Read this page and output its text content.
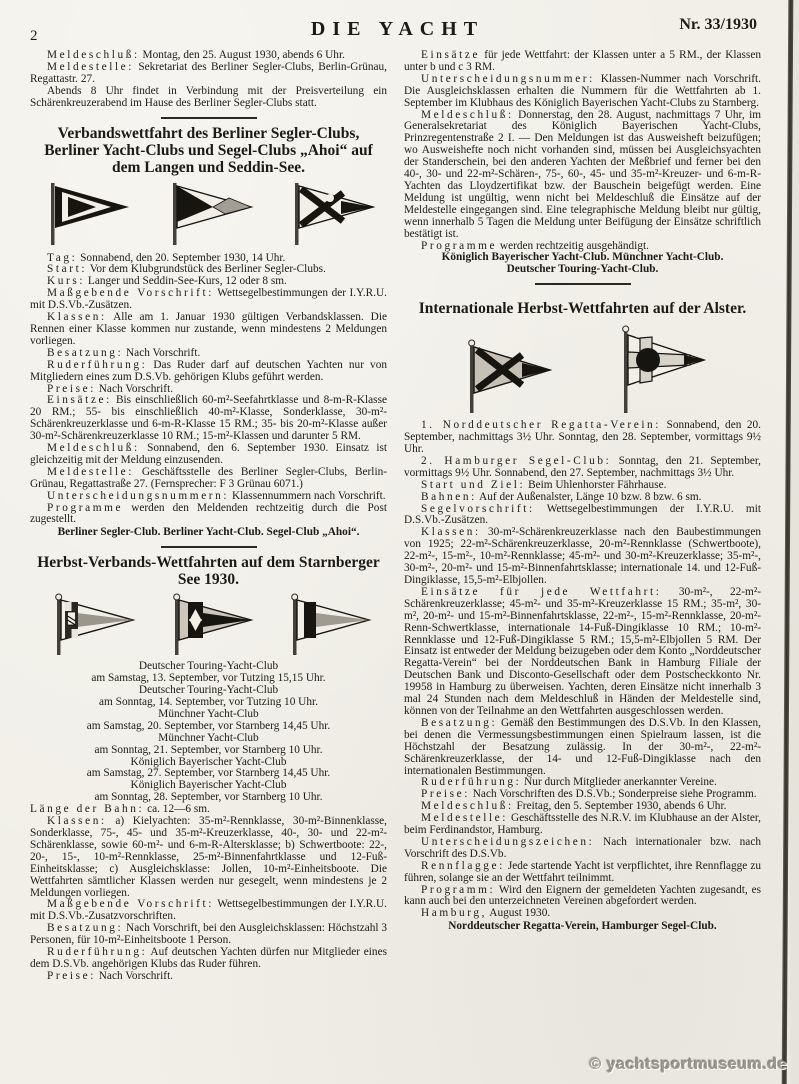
2	DIE YACHT	Nr. 33/1930

Meldeschluß: Montag, den 25. August 1930, abends 6 Uhr.

Meldestelle: Sekretariat des Berliner Segler-Clubs, Berlin-Grünau, Regattastr. 27.

Abends 8 Uhr findet in Verbindung mit der Preisverteilung ein Schärenkreuzerabend im Hause des Berliner Segler-Clubs statt.

Verbandswettfahrt des Berliner Segler-Clubs, Berliner Yacht-Clubs und Segel-Clubs „Ahoi“ auf dem Langen und Seddin-See.

Tag: Sonnabend, den 20. September 1930, 14 Uhr.

Start: Vor dem Klubgrundstück des Berliner Segler-Clubs.

Kurs: Langer und Seddin-See-Kurs, 12 oder 8 sm.

Maßgebende Vorschrift: Wettsegelbestimmungen der I.Y.R.U. mit D.S.Vb.-Zusätzen.

Klassen: Alle am 1. Januar 1930 gültigen Verbandsklassen. Die Rennen einer Klasse kommen nur zustande, wenn mindestens 2 Meldungen vorliegen.

Besatzung: Nach Vorschrift.

Ruderführung: Das Ruder darf auf deutschen Yachten nur von Mitgliedern eines zum D.S.Vb. gehörigen Klubs geführt werden.

Preise: Nach Vorschrift.

Einsätze: Bis einschließlich 60-m²-Seefahrtklasse und 8-m-R-Klasse 20 RM.; 55- bis einschließlich 40-m²-Klasse, Sonderklasse, 30-m²-Schärenkreuzerklasse und 6-m-R-Klasse 15 RM.; 35- bis 20-m²-Klasse außer 30-m²-Schärenkreuzerklasse 10 RM.; 15-m²-Klassen und darunter 5 RM.

Meldeschluß: Sonnabend, den 6. September 1930. Einsatz ist gleichzeitig mit der Meldung einzusenden.

Meldestelle: Geschäftsstelle des Berliner Segler-Clubs, Berlin-Grünau, Regattastraße 27. (Fernsprecher: F 3 Grünau 6071.)

Unterscheidungsnummern: Klassennummern nach Vorschrift.

Programme werden den Meldenden rechtzeitig durch die Post zugestellt.

Berliner Segler-Club. Berliner Yacht-Club. Segel-Club „Ahoi“.

Herbst-Verbands-Wettfahrten auf dem Starnberger See 1930.

Deutscher Touring-Yacht-Club

am Samstag, 13. September, vor Tutzing 15,15 Uhr.

Deutscher Touring-Yacht-Club

am Sonntag, 14. September, vor Tutzing 10 Uhr.

Münchner Yacht-Club

am Samstag, 20. September, vor Starnberg 14,45 Uhr.

Münchner Yacht-Club

am Sonntag, 21. September, vor Starnberg 10 Uhr.

Königlich Bayerischer Yacht-Club

am Samstag, 27. September, vor Starnberg 14,45 Uhr.

Königlich Bayerischer Yacht-Club

am Sonntag, 28. September, vor Starnberg 10 Uhr.

Länge der Bahn: ca. 12—6 sm.

Klassen: a) Kielyachten: 35-m²-Rennklasse, 30-m²-Binnenklasse, Sonderklasse, 75-, 45- und 35-m²-Kreuzerklasse, 40-, 30- und 22-m²-Schärenklasse, sowie 60-m²- und 6-m-R-Altersklasse; b) Schwertboote: 22-, 20-, 15-, 10-m²-Rennklasse, 25-m²-Binnenfahrtklasse und 12-Fuß-Einheitsklasse; c) Ausgleichsklasse: Jollen, 10-m²-Einheitsboote. Die Wettfahrten sämtlicher Klassen werden nur gesegelt, wenn mindestens je 2 Meldungen vorliegen.

Maßgebende Vorschrift: Wettsegelbestimmungen der I.Y.R.U. mit D.S.Vb.-Zusatzvorschriften.

Besatzung: Nach Vorschrift, bei den Ausgleichsklassen: Höchstzahl 3 Personen, für 10-m²-Einheitsboote 1 Person.

Ruderführung: Auf deutschen Yachten dürfen nur Mitglieder eines dem D.S.Vb. angehörigen Klubs das Ruder führen.

Preise: Nach Vorschrift.

Einsätze für jede Wettfahrt: der Klassen unter a 5 RM., der Klassen unter b und c 3 RM.

Unterscheidungsnummer: Klassen-Nummer nach Vorschrift. Die Ausgleichsklassen erhalten die Nummern für die Wettfahrten ab 1. September im Klubhaus des Königlich Bayerischen Yacht-Clubs zu Starnberg.

Meldeschluß: Donnerstag, den 28. August, nachmittags 7 Uhr, im Generalsekretariat des Königlich Bayerischen Yacht-Clubs, Prinzregentenstraße 2 I. — Den Meldungen ist das Ausweisheft beizufügen; wo Ausweishefte noch nicht vorhanden sind, müssen bei Ausgleichsyachten der Standerschein, bei den anderen Yachten der Meßbrief und ferner bei den 40-, 30- und 22-m²-Schären-, 75-, 60-, 45- und 35-m²-Kreuzer- und 6-m-R-Yachten das Lloydzertifikat bzw. der Bauschein beigefügt werden. Eine Meldung ist ungültig, wenn nicht bei Meldeschluß die Einsätze auf der Meldestelle eingegangen sind. Eine telegraphische Meldung bleibt nur gültig, wenn innerhalb 5 Tagen die Meldung unter Beifügung der Einsätze schriftlich bestätigt ist.

Programme werden rechtzeitig ausgehändigt.

Königlich Bayerischer Yacht-Club. Münchner Yacht-Club.

Deutscher Touring-Yacht-Club.

Internationale Herbst-Wettfahrten auf der Alster.

1. Norddeutscher Regatta-Verein: Sonnabend, den 20. September, nachmittags 3½ Uhr. Sonntag, den 28. September, vormittags 9½ Uhr.

2. Hamburger Segel-Club: Sonntag, den 21. September, vormittags 9½ Uhr. Sonnabend, den 27. September, nachmittags 3½ Uhr.

Start und Ziel: Beim Uhlenhorster Fährhause.

Bahnen: Auf der Außenalster, Länge 10 bzw. 8 bzw. 6 sm.

Segelvorschrift: Wettsegelbestimmungen der I.Y.R.U. mit D.S.Vb.-Zusätzen.

Klassen: 30-m²-Schärenkreuzerklasse nach den Baubestimmungen von 1925; 22-m²-Schärenkreuzerklasse, 20-m²-Rennklasse (Schwertboote), 22-m²-, 15-m²-, 10-m²-Rennklasse; 45-m²- und 30-m²-Kreuzerklasse; 35-m²-, 30-m²-, 20-m²- und 15-m²-Binnenfahrtsklasse; internationale 14. und 12-Fuß-Dingiklasse, 15,5-m²-Elbjollen.

Einsätze für jede Wettfahrt: 30-m²-, 22-m²-Schärenkreuzerklasse; 45-m²- und 35-m²-Kreuzerklasse 15 RM.; 35-m², 30-m², 20-m²- und 15-m²-Binnenfahrtsklasse, 22-m²-, 15-m²-Rennklasse, 20-m²-Renn-Schwertklasse, internationale 14-Fuß-Dingiklasse 10 RM.; 10-m²-Rennklasse und 12-Fuß-Dingiklasse 5 RM.; 15,5-m²-Elbjollen 5 RM. Der Einsatz ist entweder der Meldung beizugeben oder dem Konto „Norddeutscher Regatta-Verein“ bei der Norddeutschen Bank in Hamburg Filiale der Deutschen Bank und Disconto-Gesellschaft oder dem Postscheckkonto Nr. 19958 in Hamburg zu überweisen. Yachten, deren Einsätze nicht innerhalb 3 mal 24 Stunden nach dem Meldeschluß in Händen der Meldestelle sind, können von der Teilnahme an den Wettfahrten ausgeschlossen werden.

Besatzung: Gemäß den Bestimmungen des D.S.Vb. In den Klassen, bei denen die Vermessungsbestimmungen einen Spielraum lassen, ist die Höchstzahl der Besatzung zulässig. In der 30-m²-, 22-m²-Schärenkreuzerklasse, der 14- und 12-Fuß-Dingiklasse nach den internationalen Bestimmungen.

Ruderführung: Nur durch Mitglieder anerkannter Vereine.

Preise: Nach Vorschriften des D.S.Vb.; Sonderpreise siehe Programm.

Meldeschluß: Freitag, den 5. September 1930, abends 6 Uhr.

Meldestelle: Geschäftsstelle des N.R.V. im Klubhause an der Alster, beim Ferdinandstor, Hamburg.

Unterscheidungszeichen: Nach internationaler bzw. nach Vorschrift des D.S.Vb.

Rennflagge: Jede startende Yacht ist verpflichtet, ihre Rennflagge zu führen, solange sie an der Wettfahrt teilnimmt.

Programm: Wird den Eignern der gemeldeten Yachten zugesandt, es kann auch bei den unterzeichneten Vereinen abgefordert werden.

Hamburg, August 1930.

Norddeutscher Regatta-Verein, Hamburger Segel-Club.

© yachtsportmuseum.de
